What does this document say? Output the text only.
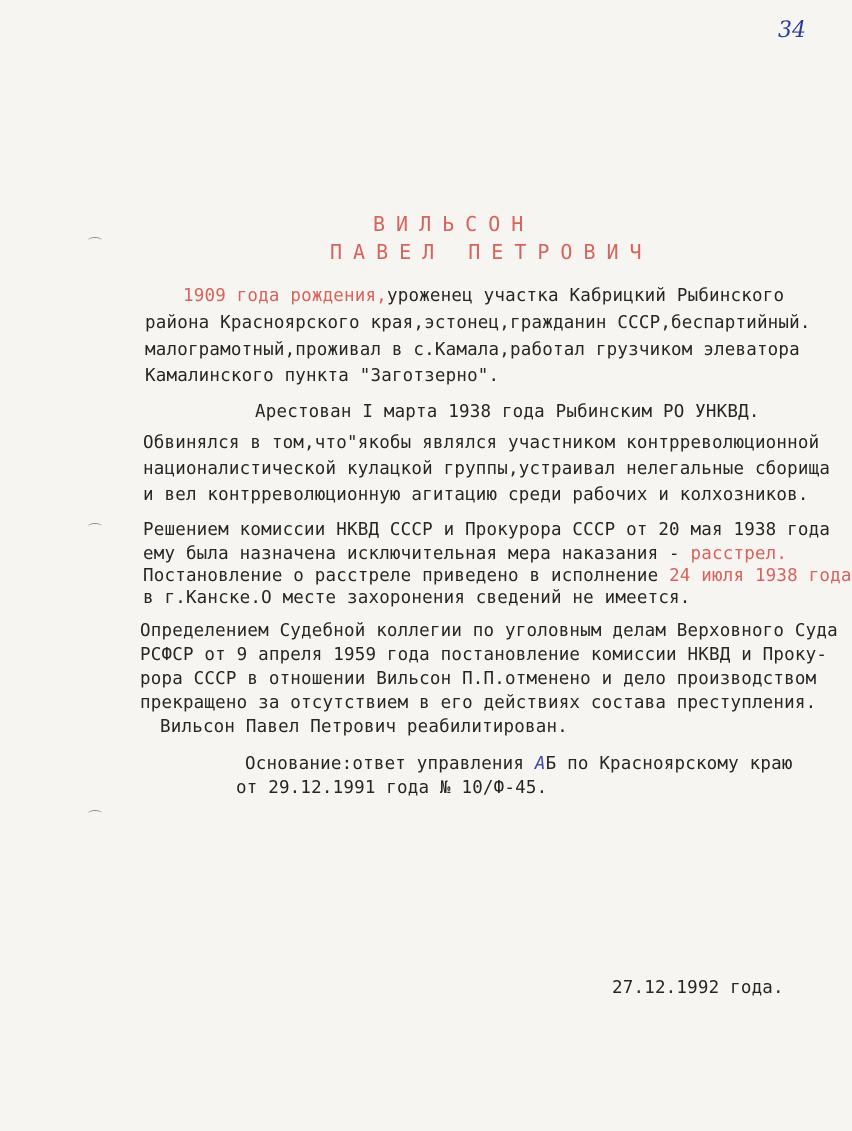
34
ВИЛЬСОН
ПАВЕЛ ПЕТРОВИЧ
1909 года рождения,уроженец участка Кабрицкий Рыбинского
района Красноярского края,эстонец,гражданин СССР,беспартийный.
малограмотный,проживал в с.Камала,работал грузчиком элеватора
Камалинского пункта "Заготзерно".
Арестован I марта 1938 года Рыбинским РО УНКВД.
Обвинялся в том,что"якобы являлся участником контрреволюционной
националистической кулацкой группы,устраивал нелегальные сборища
и вел контрреволюционную агитацию среди рабочих и колхозников.
Решением комиссии НКВД СССР и Прокурора СССР от 20 мая 1938 года
ему была назначена исключительная мера наказания - расстрел.
Постановление о расстреле приведено в исполнение 24 июля 1938 года
в г.Канске.О месте захоронения сведений не имеется.
Определением Судебной коллегии по уголовным делам Верховного Суда
РСФСР от 9 апреля 1959 года постановление комиссии НКВД и Проку-
рора СССР в отношении Вильсон П.П.отменено и дело производством
прекращено за отсутствием в его действиях состава преступления.
Вильсон Павел Петрович реабилитирован.
Основание:ответ управления АБ по Красноярскому краю
от 29.12.1991 года № 10/Ф-45.
27.12.1992 года.
